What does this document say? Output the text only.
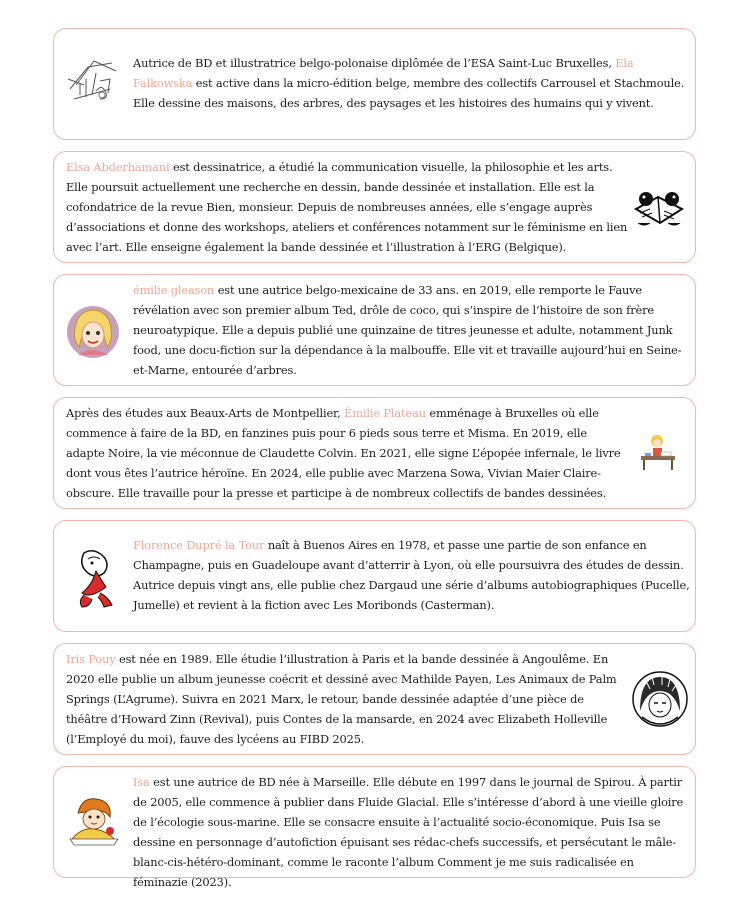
Autrice de BD et illustratrice belgo-polonaise diplômée de l’ESA Saint-Luc Bruxelles, Ela Falkowska est active dans la micro-édition belge, membre des collectifs Carrousel et Stachmoule. Elle dessine des maisons, des arbres, des paysages et les histoires des humains qui y vivent.
Elsa Abderhamani est dessinatrice, a étudié la communication visuelle, la philosophie et les arts. Elle poursuit actuellement une recherche en dessin, bande dessinée et installation. Elle est la cofondatrice de la revue Bien, monsieur. Depuis de nombreuses années, elle s’engage auprès d’associations et donne des workshops, ateliers et conférences notamment sur le féminisme en lien avec l’art. Elle enseigne également la bande dessinée et l’illustration à l’ERG (Belgique).
émilie gleason est une autrice belgo-mexicaine de 33 ans. en 2019, elle remporte le Fauve révélation avec son premier album Ted, drôle de coco, qui s’inspire de l’histoire de son frère neuroatypique. Elle a depuis publié une quinzaine de titres jeunesse et adulte, notamment Junk food, une docu-fiction sur la dépendance à la malbouffe. Elle vit et travaille aujourd’hui en Seine-et-Marne, entourée d’arbres.
Après des études aux Beaux-Arts de Montpellier, Émilie Plateau emménage à Bruxelles où elle commence à faire de la BD, en fanzines puis pour 6 pieds sous terre et Misma. En 2019, elle adapte Noire, la vie méconnue de Claudette Colvin. En 2021, elle signe L’épopée infernale, le livre dont vous êtes l’autrice héroïne. En 2024, elle publie avec Marzena Sowa, Vivian Maier Claire-obscure. Elle travaille pour la presse et participe à de nombreux collectifs de bandes dessinées.
Florence Dupré la Tour naît à Buenos Aires en 1978, et passe une partie de son enfance en Champagne, puis en Guadeloupe avant d’atterrir à Lyon, où elle poursuivra des études de dessin. Autrice depuis vingt ans, elle publie chez Dargaud une série d’albums autobiographiques (Pucelle, Jumelle) et revient à la fiction avec Les Moribonds (Casterman).
Iris Pouy est née en 1989. Elle étudie l’illustration à Paris et la bande dessinée à Angoulême. En 2020 elle publie un album jeunesse coécrit et dessiné avec Mathilde Payen, Les Animaux de Palm Springs (L’Agrume). Suivra en 2021 Marx, le retour, bande dessinée adaptée d’une pièce de théâtre d’Howard Zinn (Revival), puis Contes de la mansarde, en 2024 avec Elizabeth Holleville (l’Employé du moi), fauve des lycéens au FIBD 2025.
Isa est une autrice de BD née à Marseille. Elle débute en 1997 dans le journal de Spirou. À partir de 2005, elle commence à publier dans Fluide Glacial. Elle s’intéresse d’abord à une vieille gloire de l’écologie sous-marine. Elle se consacre ensuite à l’actualité socio-économique. Puis Isa se dessine en personnage d’autofiction épuisant ses rédac-chefs successifs, et persécutant le mâle-blanc-cis-hétéro-dominant, comme le raconte l’album Comment je me suis radicalisée en féminazie (2023).
